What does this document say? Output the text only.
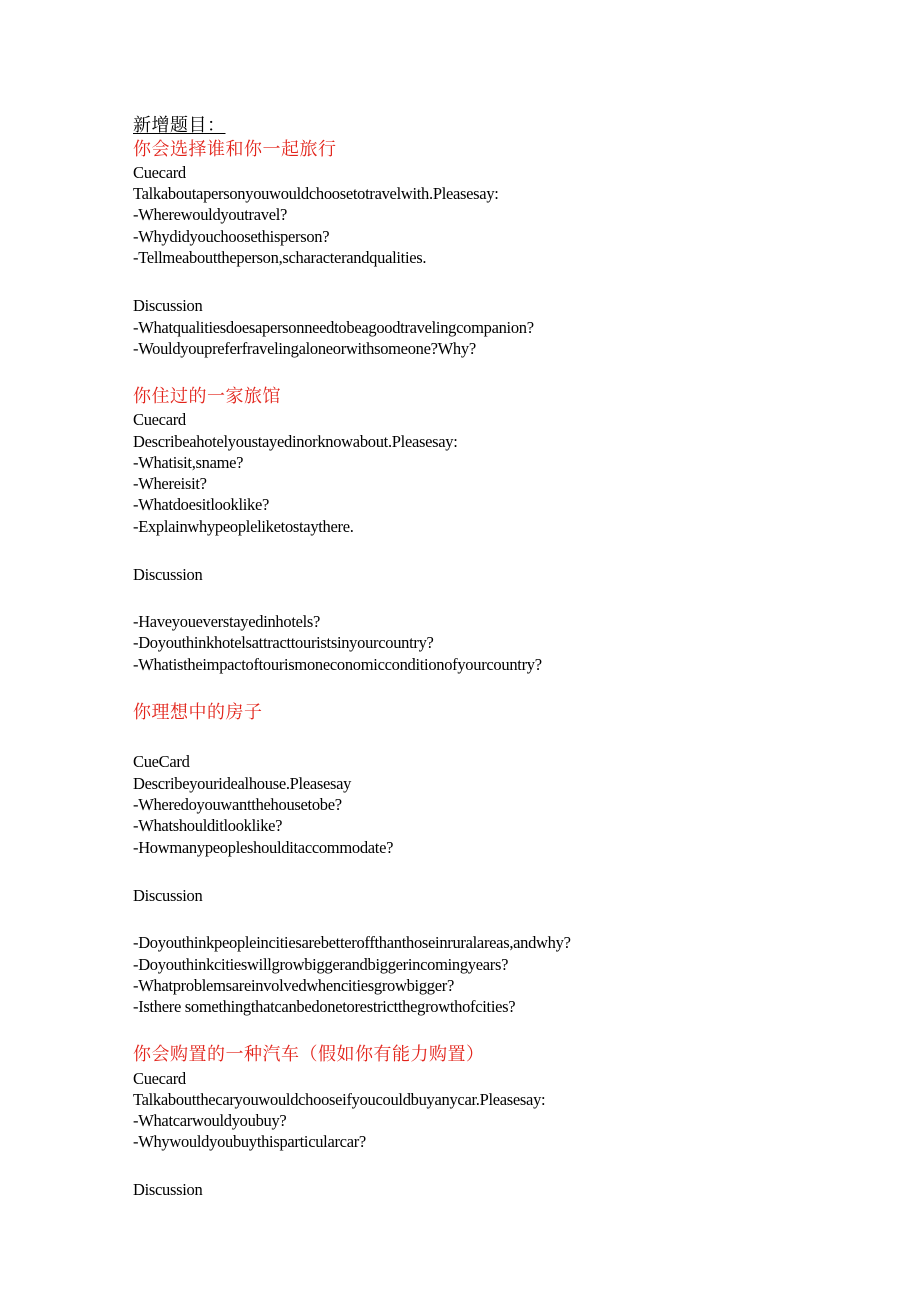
新增题目：
你会选择谁和你一起旅行
Cuecard
Talkaboutapersonyouwouldchoosetotravelwith.Pleasesay:
-Wherewouldyoutravel?
-Whydidyouchoosethisperson?
-Tellmeabouttheperson,scharacterandqualities.
Discussion
-Whatqualitiesdoesapersonneedtobeagoodtravelingcompanion?
-Wouldyoupreferfravelingaloneorwithsomeone?Why?
你住过的一家旅馆
Cuecard
Describeahotelyoustayedinorknowabout.Pleasesay:
-Whatisit,sname?
-Whereisit?
-Whatdoesitlooklike?
-Explainwhypeopleliketostaythere.
Discussion
-Haveyoueverstayedinhotels?
-Doyouthinkhotelsattracttouristsinyourcountry?
-Whatistheimpactoftourismoneconomicconditionofyourcountry?
你理想中的房子
CueCard
Describeyouridealhouse.Pleasesay
-Wheredoyouwantthehousetobe?
-Whatshoulditlooklike?
-Howmanypeopleshoulditaccommodate?
Discussion
-Doyouthinkpeopleincitiesarebetteroffthanthoseinruralareas,andwhy?
-Doyouthinkcitieswillgrowbiggerandbiggerincomingyears?
-Whatproblemsareinvolvedwhencitiesgrowbigger?
-Isthere somethingthatcanbedonetorestrictthegrowthofcities?
你会购置的一种汽车（假如你有能力购置）
Cuecard
Talkaboutthecaryouwouldchooseifyoucouldbuyanycar.Pleasesay:
-Whatcarwouldyoubuy?
-Whywouldyoubuythisparticularcar?
Discussion
